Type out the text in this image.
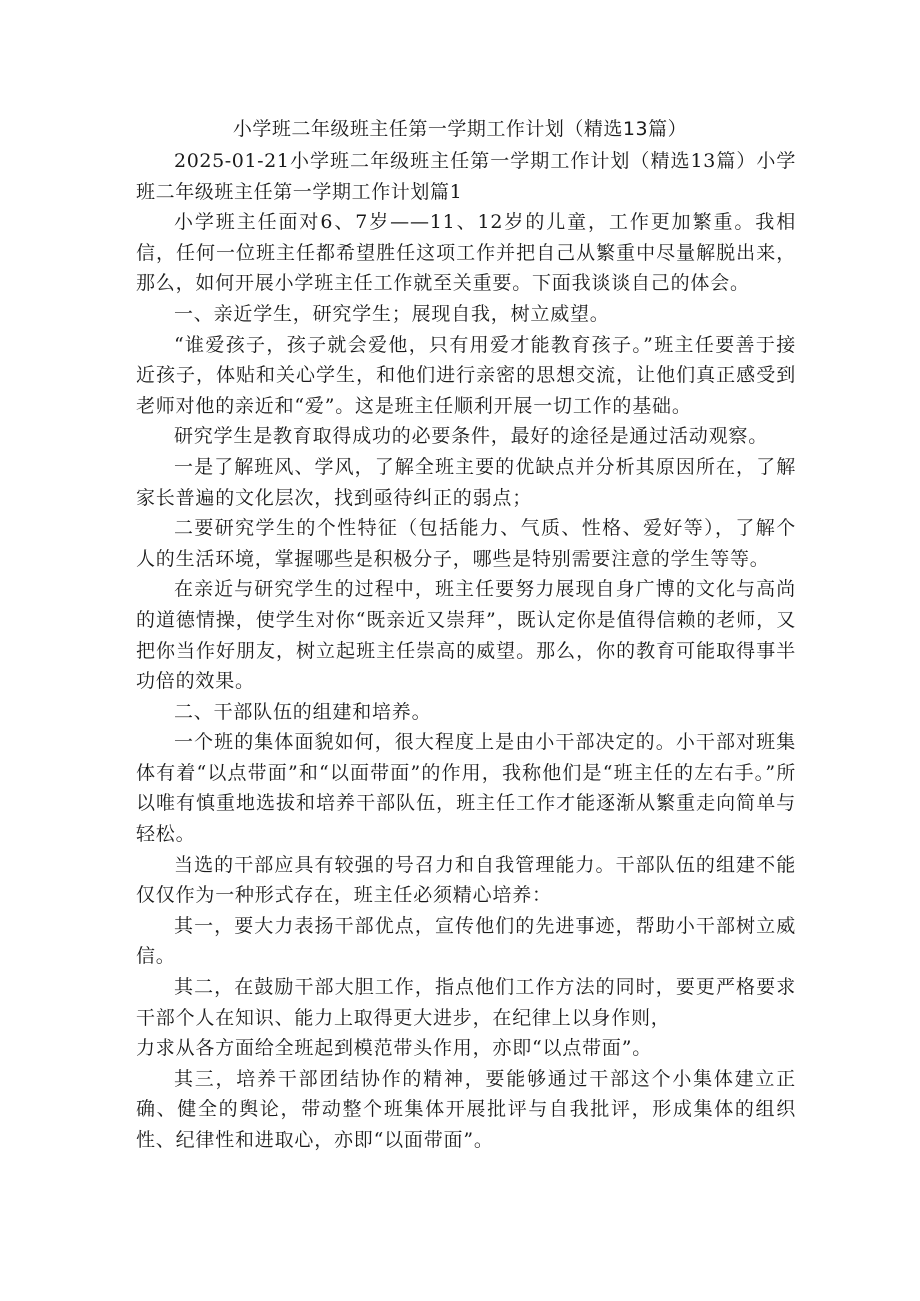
小学班二年级班主任第一学期工作计划（精选13篇）

2025-01-21小学班二年级班主任第一学期工作计划（精选13篇）小学班二年级班主任第一学期工作计划篇1

小学班主任面对6、7岁——11、12岁的儿童，工作更加繁重。我相信，任何一位班主任都希望胜任这项工作并把自己从繁重中尽量解脱出来，那么，如何开展小学班主任工作就至关重要。下面我谈谈自己的体会。

一、亲近学生，研究学生；展现自我，树立威望。

“谁爱孩子，孩子就会爱他，只有用爱才能教育孩子。”班主任要善于接近孩子，体贴和关心学生，和他们进行亲密的思想交流，让他们真正感受到老师对他的亲近和“爱”。这是班主任顺利开展一切工作的基础。

研究学生是教育取得成功的必要条件，最好的途径是通过活动观察。

一是了解班风、学风，了解全班主要的优缺点并分析其原因所在，了解家长普遍的文化层次，找到亟待纠正的弱点；

二要研究学生的个性特征（包括能力、气质、性格、爱好等），了解个人的生活环境，掌握哪些是积极分子，哪些是特别需要注意的学生等等。

在亲近与研究学生的过程中，班主任要努力展现自身广博的文化与高尚的道德情操，使学生对你“既亲近又崇拜”，既认定你是值得信赖的老师，又把你当作好朋友，树立起班主任崇高的威望。那么，你的教育可能取得事半功倍的效果。

二、干部队伍的组建和培养。

一个班的集体面貌如何，很大程度上是由小干部决定的。小干部对班集体有着“以点带面”和“以面带面”的作用，我称他们是“班主任的左右手。”所以唯有慎重地选拔和培养干部队伍，班主任工作才能逐渐从繁重走向简单与轻松。

当选的干部应具有较强的号召力和自我管理能力。干部队伍的组建不能仅仅作为一种形式存在，班主任必须精心培养：

其一，要大力表扬干部优点，宣传他们的先进事迹，帮助小干部树立威信。

其二，在鼓励干部大胆工作，指点他们工作方法的同时，要更严格要求干部个人在知识、能力上取得更大进步，在纪律上以身作则，

力求从各方面给全班起到模范带头作用，亦即“以点带面”。

其三，培养干部团结协作的精神，要能够通过干部这个小集体建立正确、健全的舆论，带动整个班集体开展批评与自我批评，形成集体的组织性、纪律性和进取心，亦即“以面带面”。
